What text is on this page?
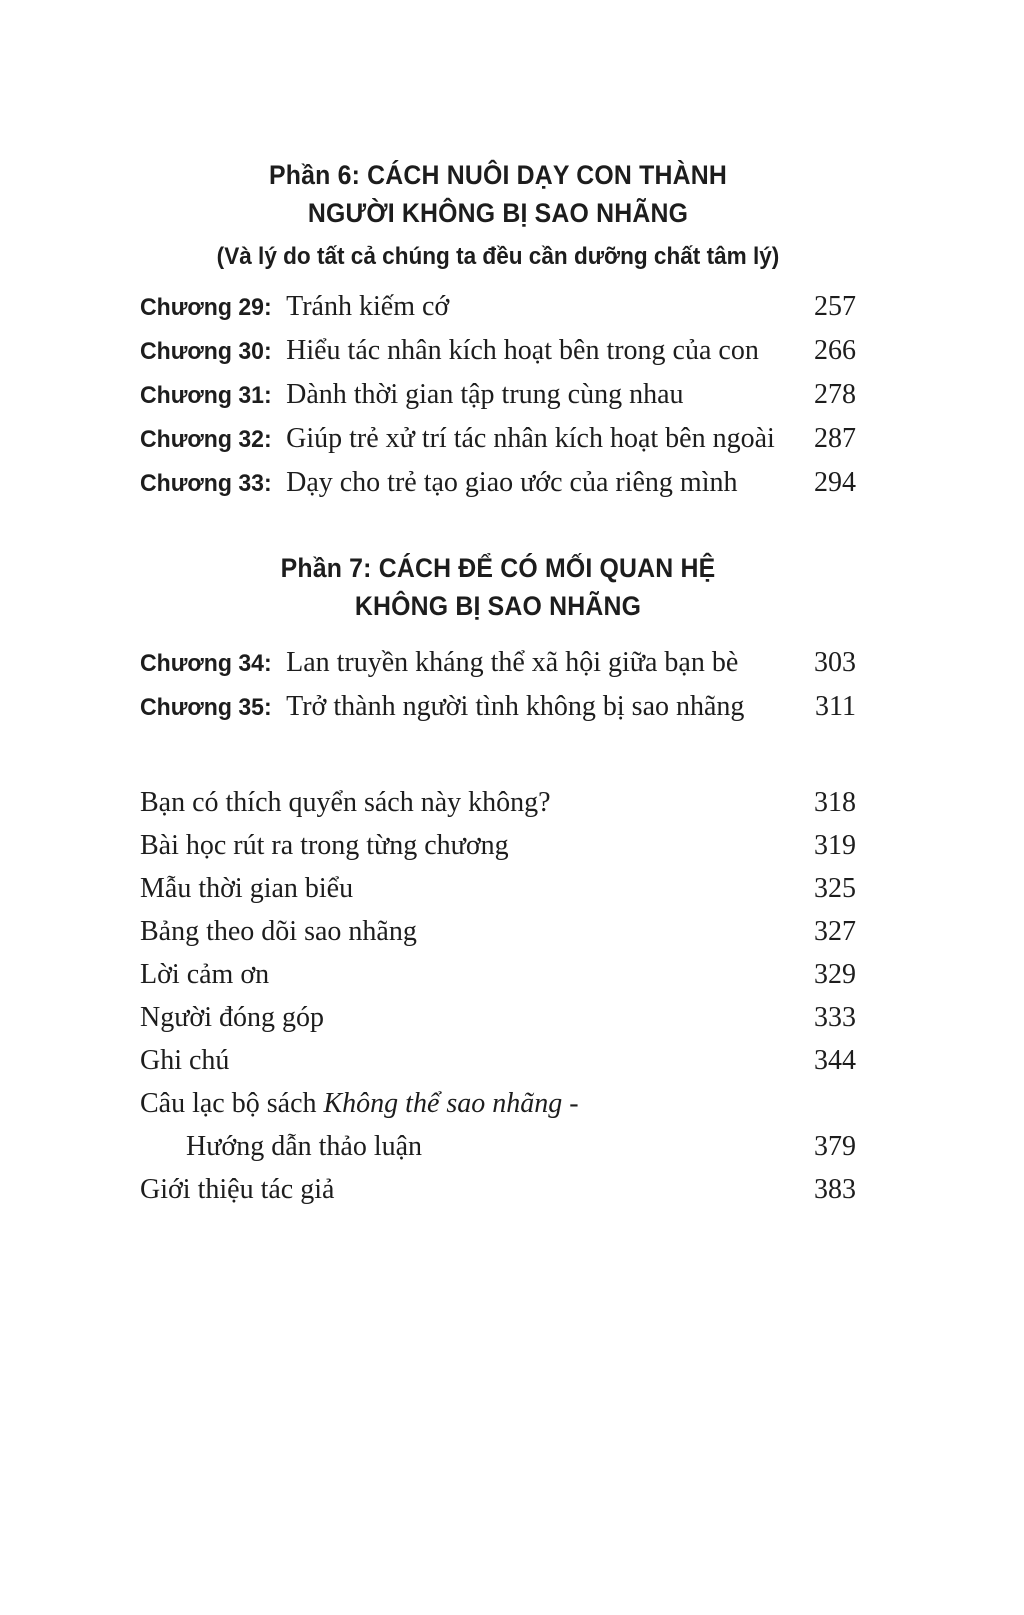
Phần 6: CÁCH NUÔI DẠY CON THÀNH
NGƯỜI KHÔNG BỊ SAO NHÃNG

(Và lý do tất cả chúng ta đều cần dưỡng chất tâm lý)

Chương 29: Tránh kiếm cớ	257
Chương 30: Hiểu tác nhân kích hoạt bên trong của con	266
Chương 31: Dành thời gian tập trung cùng nhau	278
Chương 32: Giúp trẻ xử trí tác nhân kích hoạt bên ngoài	287
Chương 33: Dạy cho trẻ tạo giao ước của riêng mình	294
Phần 7: CÁCH ĐỂ CÓ MỐI QUAN HỆ
KHÔNG BỊ SAO NHÃNG
Chương 34: Lan truyền kháng thể xã hội giữa bạn bè	303
Chương 35: Trở thành người tình không bị sao nhãng	311
Bạn có thích quyển sách này không?	318
Bài học rút ra trong từng chương	319
Mẫu thời gian biểu	325
Bảng theo dõi sao nhãng	327
Lời cảm ơn	329
Người đóng góp	333
Ghi chú	344
Câu lạc bộ sách Không thể sao nhãng -
Hướng dẫn thảo luận	379
Giới thiệu tác giả	383
